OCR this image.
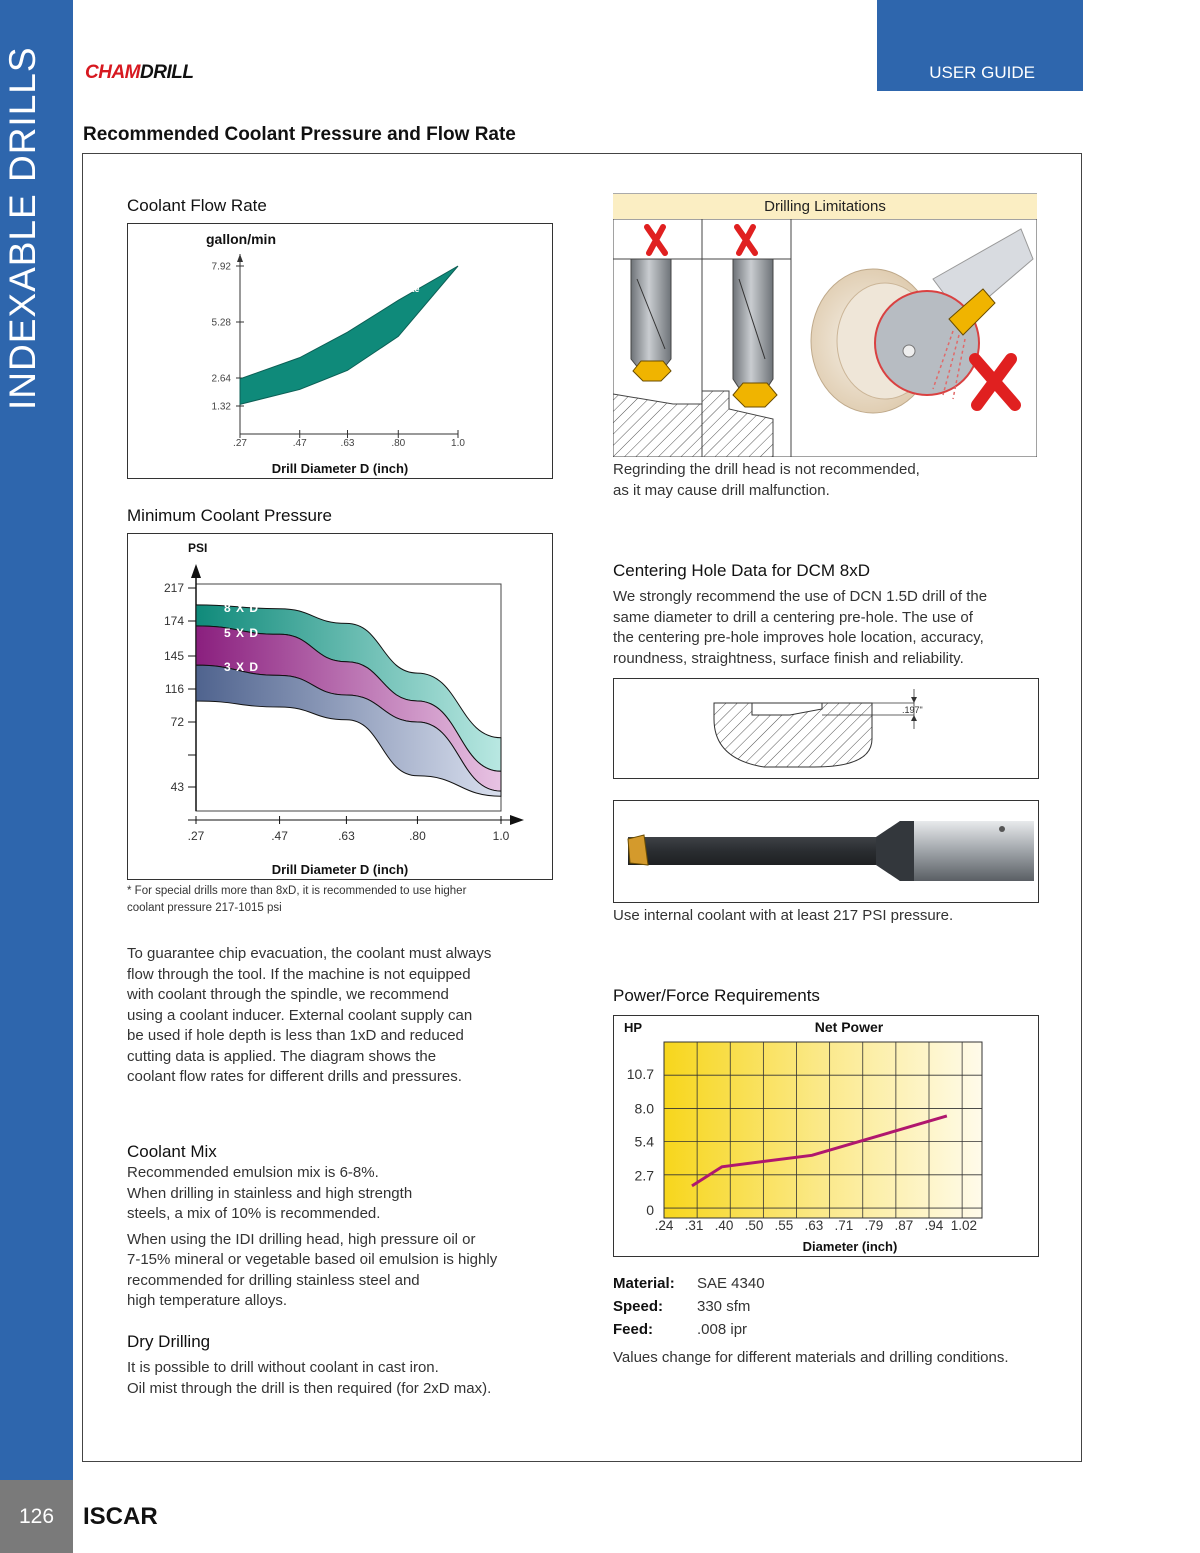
INDEXABLE DRILLS
126	ISCAR
USER GUIDE
CHAMDRILL
Recommended Coolant Pressure and Flow Rate
Coolant Flow Rate
gallon/min
1.32
2.64
5.28
7.92
.27	.47	.63	.80	1.0
flow
rate
Drill Diameter D (inch)
Minimum Coolant Pressure
PSI
217
174
145
116
72
43
.27	.47	.63	.80	1.0
8 X D
5 X D
3 X D
Drill Diameter D (inch)
* For special drills more than 8xD, it is recommended to use higher
coolant pressure 217-1015 psi
To guarantee chip evacuation, the coolant must always
flow through the tool. If the machine is not equipped
with coolant through the spindle, we recommend
using a coolant inducer. External coolant supply can
be used if hole depth is less than 1xD and reduced
cutting data is applied. The diagram shows the
coolant flow rates for different drills and pressures.
Coolant Mix
Recommended emulsion mix is 6-8%.
When drilling in stainless and high strength
steels, a mix of 10% is recommended.
When using the IDI drilling head, high pressure oil or
7-15% mineral or vegetable based oil emulsion is highly
recommended for drilling stainless steel and
high temperature alloys.
Dry Drilling
It is possible to drill without coolant in cast iron.
Oil mist through the drill is then required (for 2xD max).
Drilling Limitations
Regrinding the drill head is not recommended,
as it may cause drill malfunction.
Centering Hole Data for DCM 8xD
We strongly recommend the use of DCN 1.5D drill of the
same diameter to drill a centering pre-hole. The use of
the centering pre-hole improves hole location, accuracy,
roundness, straightness, surface finish and reliability.
.197"
Use internal coolant with at least 217 PSI pressure.
Power/Force Requirements
HP	Net Power
0
2.7
5.4
8.0
10.7
.24 .31 .40 .50 .55 .63 .71 .79 .87 .94 1.02
Diameter (inch)
Material: SAE 4340
Speed: 330 sfm
Feed:	.008 ipr
Values change for different materials and drilling conditions.
